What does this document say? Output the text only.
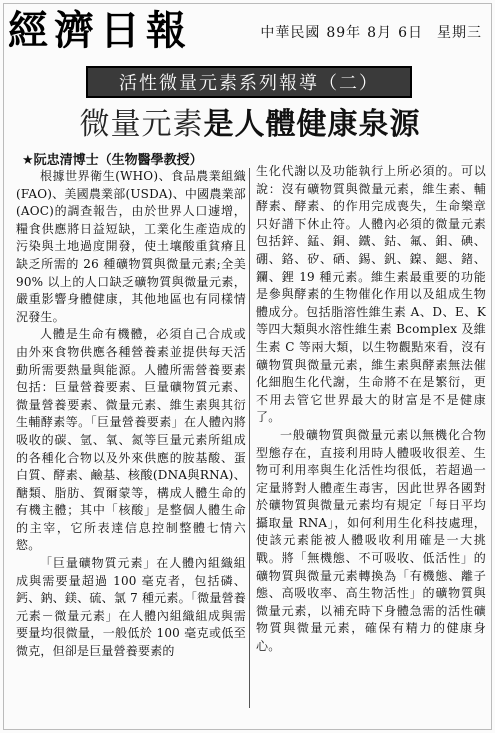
經濟日報	中華民國 89年 8月 6日 星期三
活性微量元素系列報導（二）
微量元素是人體健康泉源
★阮忠清博士（生物醫學教授）

根據世界衛生(WHO)、食品農業組織(FAO)、美國農業部(USDA)、中國農業部(AOC)的調查報告，由於世界人口遽增，糧食供應將日益短缺，工業化生產造成的污染與土地過度開發，使土壤酸重貧瘠且缺乏所需的 26 種礦物質與微量元素;全美 90% 以上的人口缺乏礦物質與微量元素，嚴重影響身體健康，其他地區也有同樣情況發生。

人體是生命有機體，必須自己合成或由外來食物供應各種營養素並提供每天活動所需要熱量與能源。人體所需營養要素包括：巨量營養要素、巨量礦物質元素、微量營養要素、微量元素、維生素與其衍生輔酵素等。「巨量營養要素」在人體內將吸收的碳、氫、氧、氮等巨量元素所組成的各種化合物以及外來供應的胺基酸、蛋白質、酵素、鹼基、核酸(DNA與RNA)、醣類、脂肪、賀爾蒙等，構成人體生命的有機主體；其中「核酸」是整個人體生命的主宰，它所表達信息控制整體七情六慾。

「巨量礦物質元素」在人體內組織組成與需要量超過 100 毫克者，包括磷、鈣、鈉、鎂、硫、氯 7 種元素。「微量營養元素－微量元素」在人體內組織組成與需要量均很微量，一般低於 100 毫克或低至微克，但卻是巨量營養要素的

生化代謝以及功能執行上所必須的。可以說：沒有礦物質與微量元素，維生素、輔酵素、酵素、的作用完成喪失，生命樂章只好譜下休止符。人體內必須的微量元素包括鋅、錳、銅、鐵、鈷、氟、鉬、碘、硼、鉻、矽、硒、錫、釩、鎳、鍶、鍺、鑭、鋰 19 種元素。維生素最重要的功能是參與酵素的生物催化作用以及組成生物體成分。包括脂溶性維生素 A、D、E、K 等四大類與水溶性維生素 Bcomplex 及維生素 C 等兩大類，以生物觀點來看，沒有礦物質與微量元素，維生素與酵素無法催化細胞生化代謝，生命將不在是繁衍，更不用去管它世界最大的財富是不是健康了。

一般礦物質與微量元素以無機化合物型態存在，直接利用時人體吸收很差、生物可利用率與生化活性均很低，若超過一定量將對人體產生毒害，因此世界各國對於礦物質與微量元素均有規定「每日平均攝取量 RNA」，如何利用生化科技處理，使該元素能被人體吸收利用確是一大挑戰。將「無機態、不可吸收、低活性」的礦物質與微量元素轉換為「有機態、離子態、高吸收率、高生物活性」的礦物質與微量元素，以補充時下身體急需的活性礦物質與微量元素，確保有精力的健康身心。
